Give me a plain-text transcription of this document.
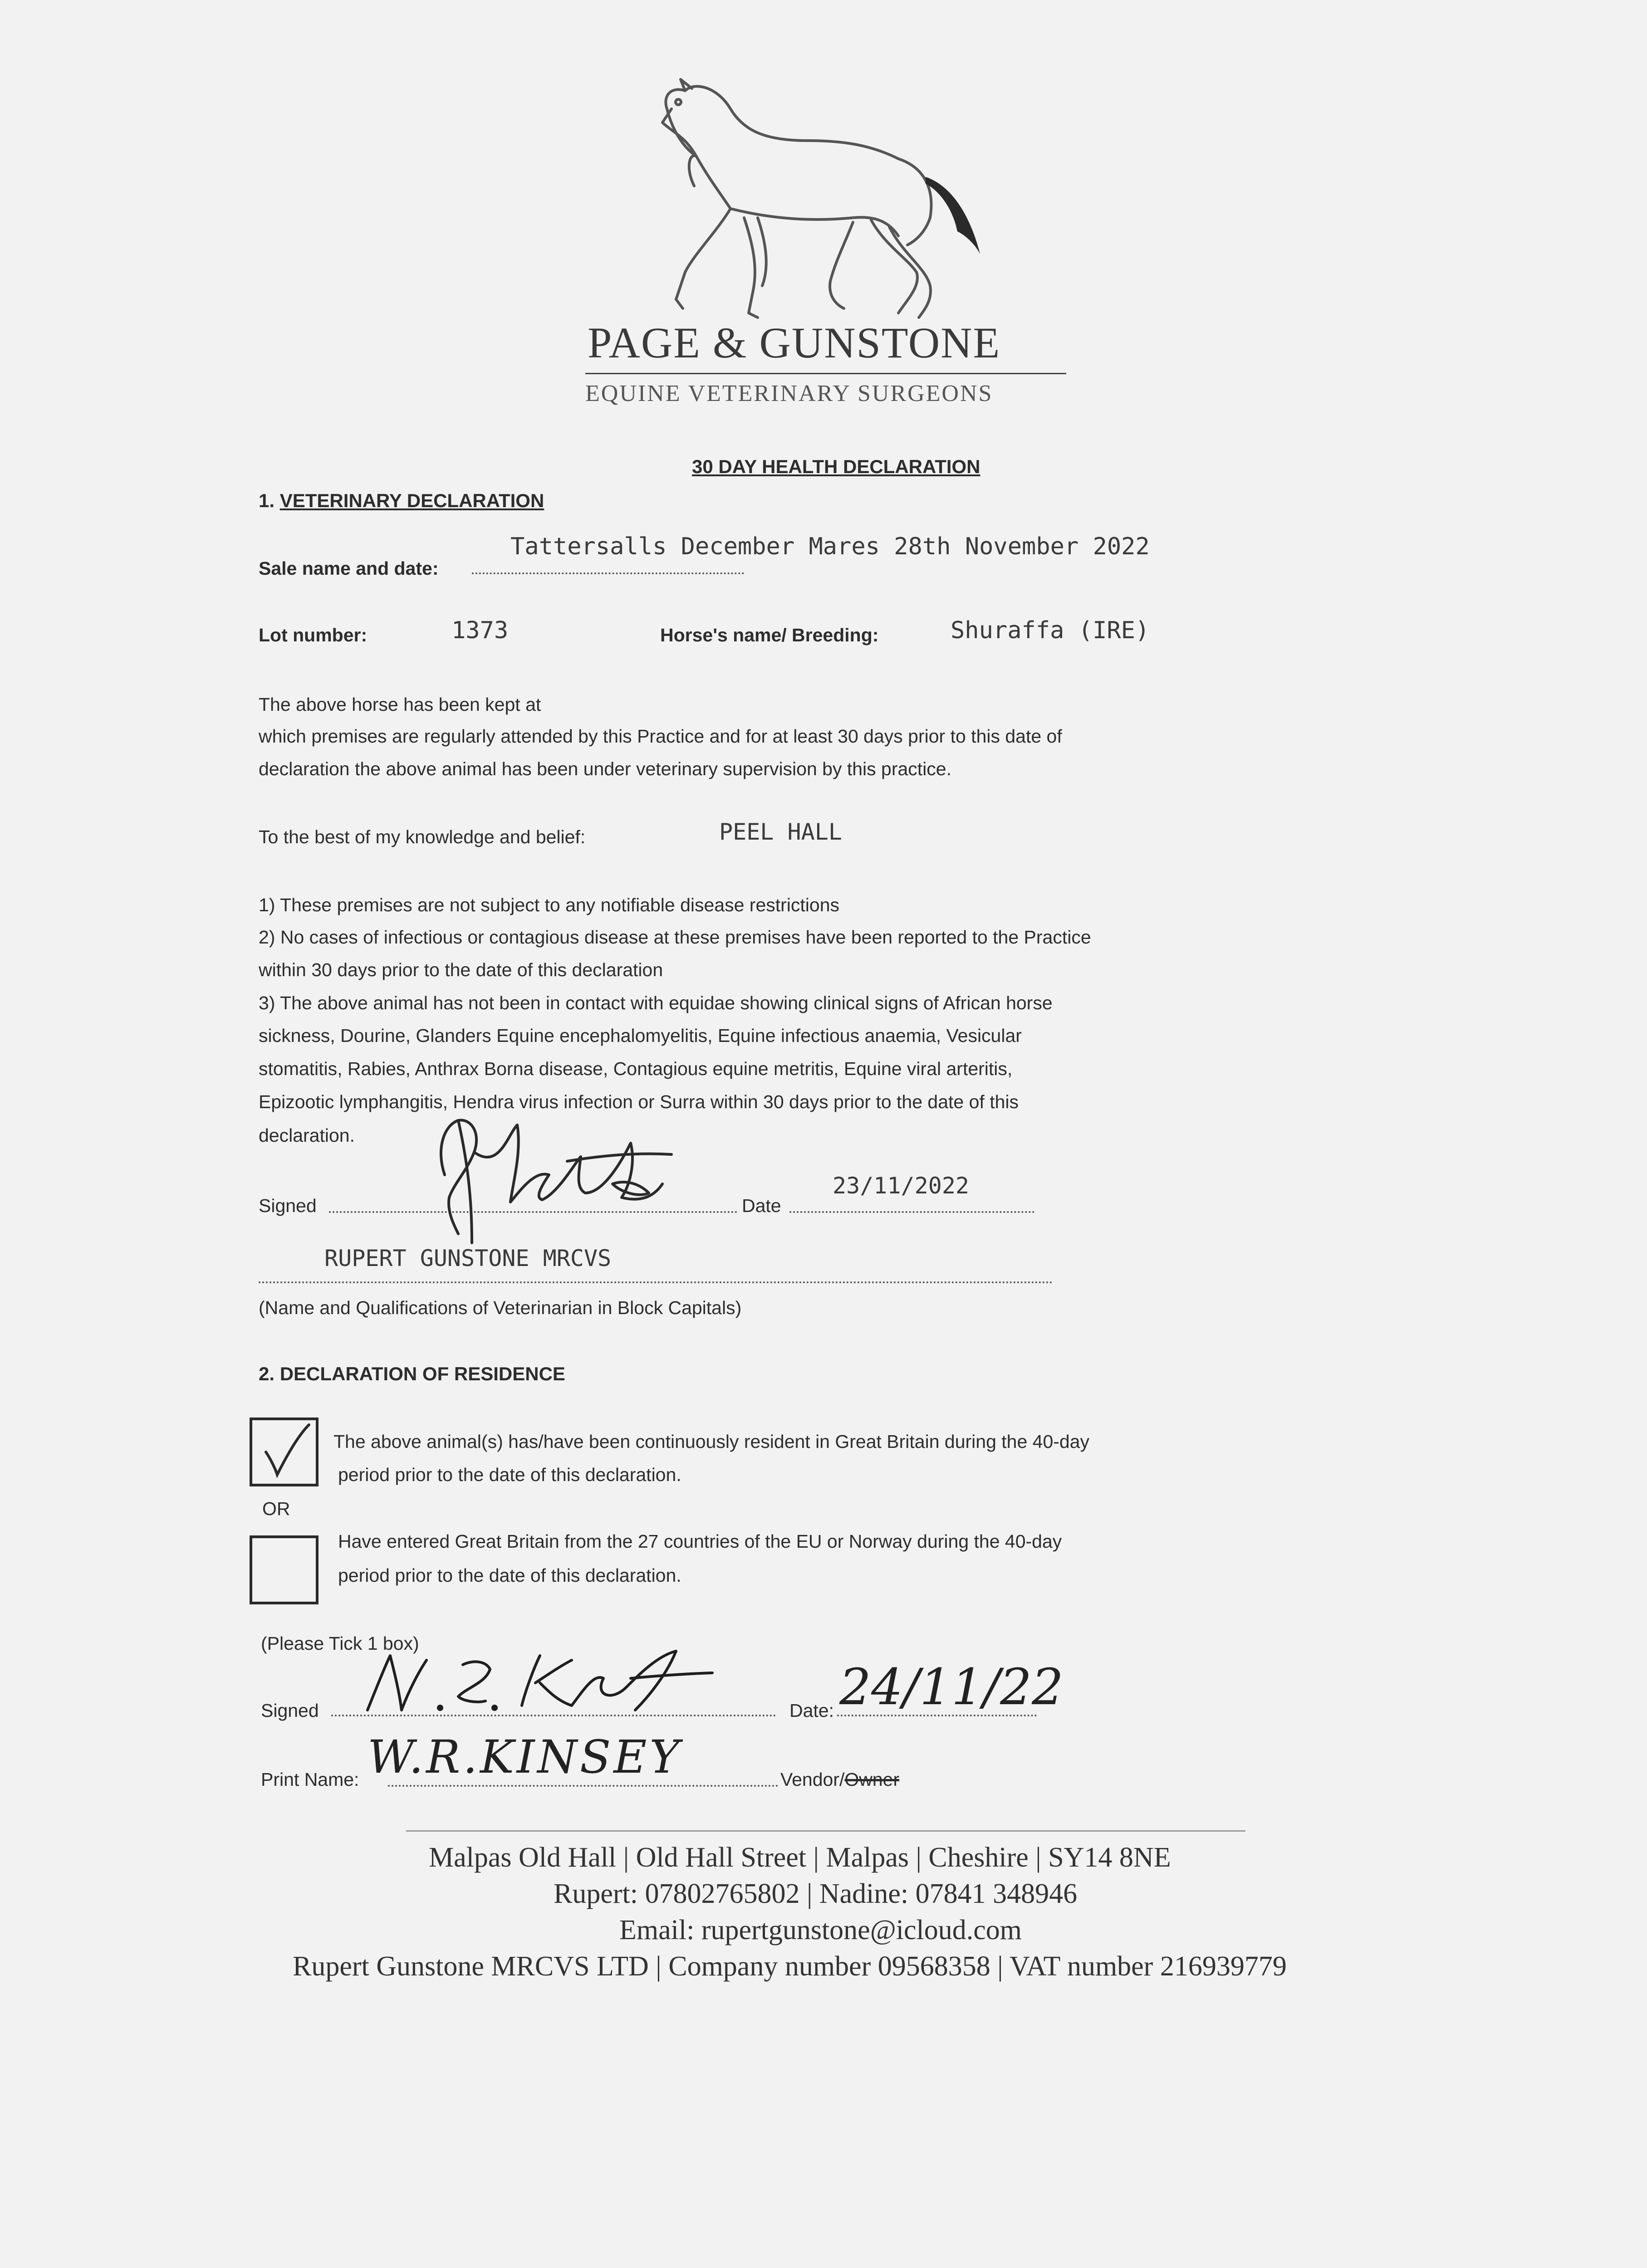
PAGE & GUNSTONE
EQUINE VETERINARY SURGEONS
30 DAY HEALTH DECLARATION
1. VETERINARY DECLARATION
Sale name and date:
Tattersalls December Mares 28th November 2022
Lot number:	1373	Horse's name/ Breeding:	Shuraffa (IRE)
The above horse has been kept at
which premises are regularly attended by this Practice and for at least 30 days prior to this date of
declaration the above animal has been under veterinary supervision by this practice.
To the best of my knowledge and belief:	PEEL HALL
1) These premises are not subject to any notifiable disease restrictions
2) No cases of infectious or contagious disease at these premises have been reported to the Practice
within 30 days prior to the date of this declaration
3) The above animal has not been in contact with equidae showing clinical signs of African horse
sickness, Dourine, Glanders Equine encephalomyelitis, Equine infectious anaemia, Vesicular
stomatitis, Rabies, Anthrax Borna disease, Contagious equine metritis, Equine viral arteritis,
Epizootic lymphangitis, Hendra virus infection or Surra within 30 days prior to the date of this
declaration.
Signed	Date
23/11/2022
RUPERT GUNSTONE MRCVS
(Name and Qualifications of Veterinarian in Block Capitals)
2. DECLARATION OF RESIDENCE
The above animal(s) has/have been continuously resident in Great Britain during the 40-day
period prior to the date of this declaration.
OR
Have entered Great Britain from the 27 countries of the EU or Norway during the 40-day
period prior to the date of this declaration.
(Please Tick 1 box)
Signed	Date: 24/11/22
Print Name: W.R.KINSEY	Vendor/Owner
Malpas Old Hall | Old Hall Street | Malpas | Cheshire | SY14 8NE
Rupert: 07802765802 | Nadine: 07841 348946
Email: rupertgunstone@icloud.com
Rupert Gunstone MRCVS LTD | Company number 09568358 | VAT number 216939779
